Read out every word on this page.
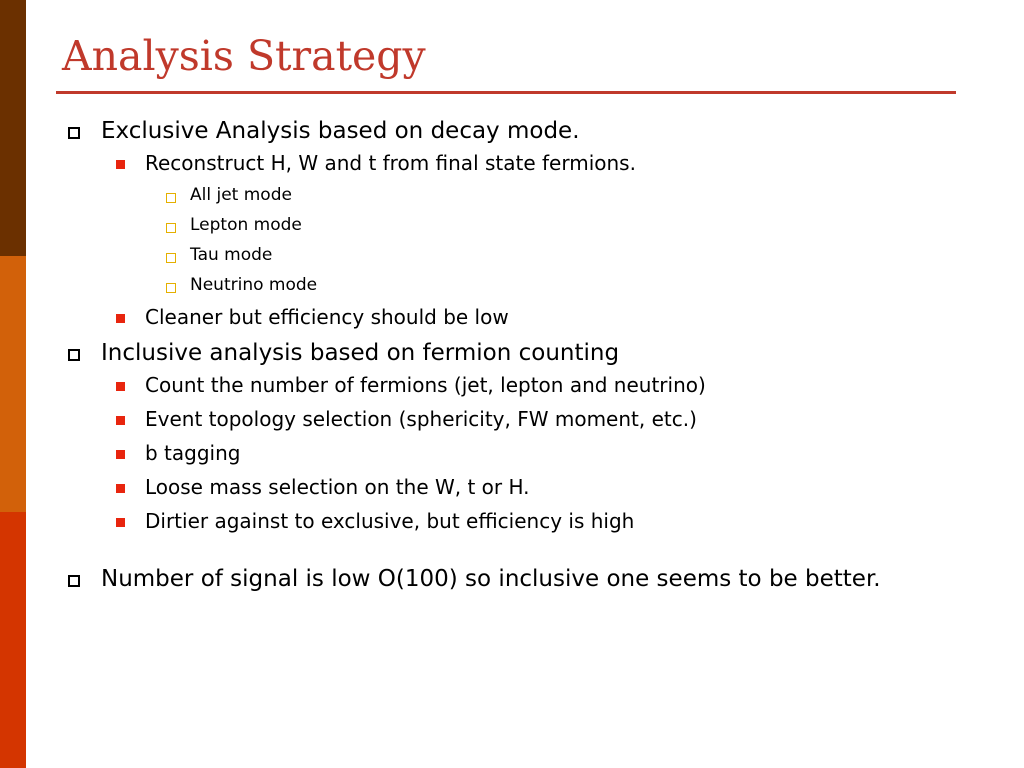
Analysis Strategy
Exclusive Analysis based on decay mode.
Reconstruct H, W and t from final state fermions.
All jet mode
Lepton mode
Tau mode
Neutrino mode
Cleaner but efficiency should be low
Inclusive analysis based on fermion counting
Count the number of fermions (jet, lepton and neutrino)
Event topology selection (sphericity, FW moment, etc.)
b tagging
Loose mass selection on the W, t or H.
Dirtier against to exclusive, but efficiency is high
Number of signal is low O(100) so inclusive one seems to be better.
